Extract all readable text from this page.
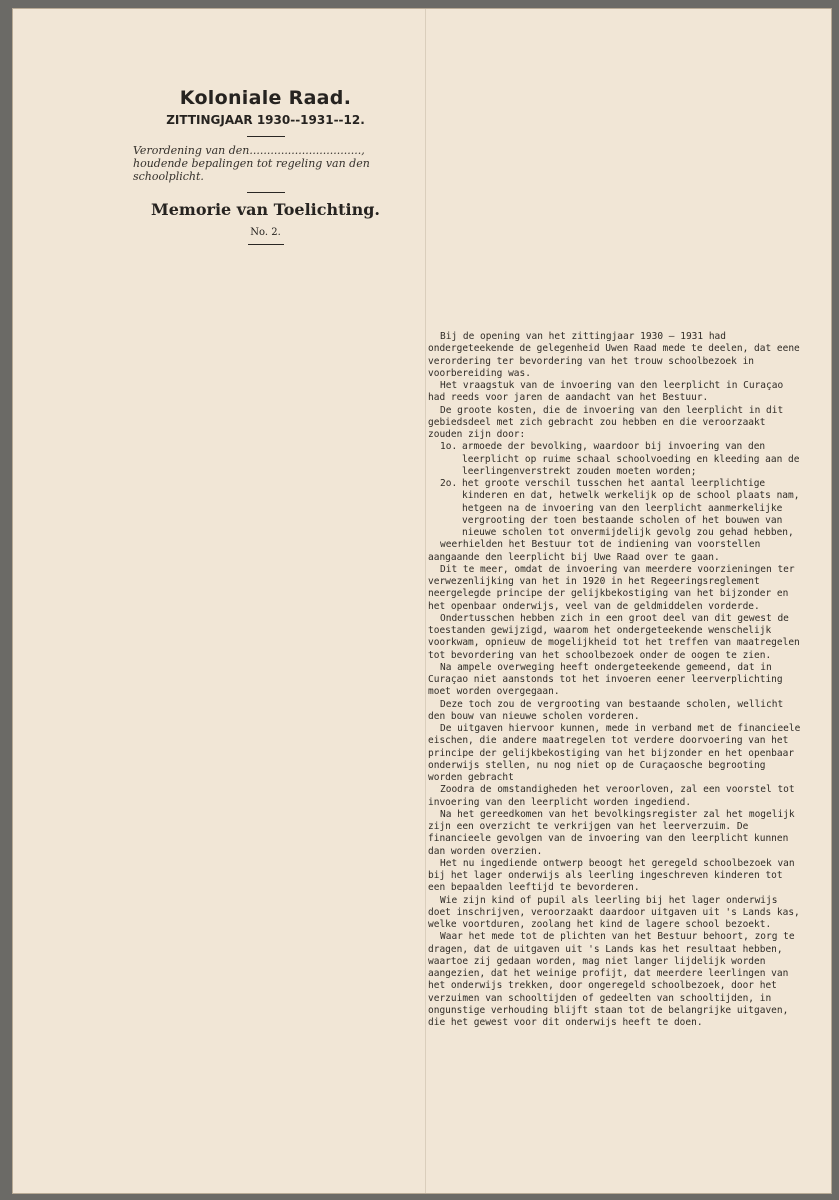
Koloniale Raad.
ZITTINGJAAR 1930--1931--12.
Verordening van den................................, houdende bepalingen tot regeling van den schoolplicht.
Memorie van Toelichting.
No. 2.

Bij de opening van het zittingjaar 1930 – 1931 had ondergeteekende de gelegenheid Uwen Raad mede te deelen, dat eene verordering ter bevordering van het trouw schoolbezoek in voorbereiding was.

Het vraagstuk van de invoering van den leerplicht in Curaçao had reeds voor jaren de aandacht van het Bestuur.

De groote kosten, die de invoering van den leerplicht in dit gebiedsdeel met zich gebracht zou hebben en die veroorzaakt zouden zijn door:

1o. armoede der bevolking, waardoor bij invoering van den leerplicht op ruime schaal schoolvoeding en kleeding aan de leerlingenverstrekt zouden moeten worden;
2o. het groote verschil tusschen het aantal leerplichtige kinderen en dat, hetwelk werkelijk op de school plaats nam, hetgeen na de invoering van den leerplicht aanmerkelijke vergrooting der toen bestaande scholen of het bouwen van nieuwe scholen tot onvermijdelijk gevolg zou gehad hebben,

weerhielden het Bestuur tot de indiening van voorstellen aangaande den leerplicht bij Uwe Raad over te gaan.

Dit te meer, omdat de invoering van meerdere voorzieningen ter verwezenlijking van het in 1920 in het Regeeringsreglement neergelegde principe der gelijkbekostiging van het bijzonder en het openbaar onderwijs, veel van de geldmiddelen vorderde.

Ondertusschen hebben zich in een groot deel van dit gewest de toestanden gewijzigd, waarom het ondergeteekende wenschelijk voorkwam, opnieuw de mogelijkheid tot het treffen van maatregelen tot bevordering van het schoolbezoek onder de oogen te zien.

Na ampele overweging heeft ondergeteekende gemeend, dat in Curaçao niet aanstonds tot het invoeren eener leerverplichting moet worden overgegaan.

Deze toch zou de vergrooting van bestaande scholen, wellicht den bouw van nieuwe scholen vorderen.

De uitgaven hiervoor kunnen, mede in verband met de financieele eischen, die andere maatregelen tot verdere doorvoering van het principe der gelijkbekostiging van het bijzonder en het openbaar onderwijs stellen, nu nog niet op de Curaçaosche begrooting worden gebracht

Zoodra de omstandigheden het veroorloven, zal een voorstel tot invoering van den leerplicht worden ingediend.

Na het gereedkomen van het bevolkingsregister zal het mogelijk zijn een overzicht te verkrijgen van het leerverzuim. De financieele gevolgen van de invoering van den leerplicht kunnen dan worden overzien.

Het nu ingediende ontwerp beoogt het geregeld schoolbezoek van bij het lager onderwijs als leerling ingeschreven kinderen tot een bepaalden leeftijd te bevorderen.

Wie zijn kind of pupil als leerling bij het lager onderwijs doet inschrijven, veroorzaakt daardoor uitgaven uit 's Lands kas, welke voortduren, zoolang het kind de lagere school bezoekt.

Waar het mede tot de plichten van het Bestuur behoort, zorg te dragen, dat de uitgaven uit 's Lands kas het resultaat hebben, waartoe zij gedaan worden, mag niet langer lijdelijk worden aangezien, dat het weinige profijt, dat meerdere leerlingen van het onderwijs trekken, door ongeregeld schoolbezoek, door het verzuimen van schooltijden of gedeelten van schooltijden, in ongunstige verhouding blijft staan tot de belangrijke uitgaven, die het gewest voor dit onderwijs heeft te doen.
